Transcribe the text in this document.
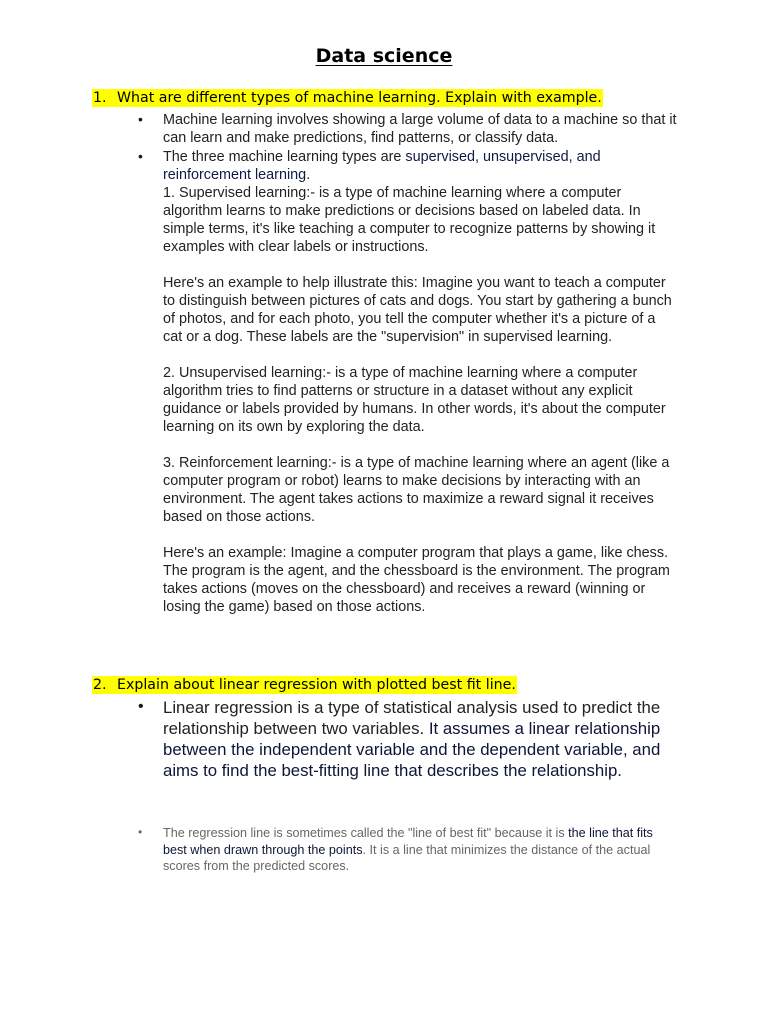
Data science
1. What are different types of machine learning. Explain with example.
•	Machine learning involves showing a large volume of data to a machine so that it can learn and make predictions, find patterns, or classify data.
•	The three machine learning types are supervised, unsupervised, and reinforcement learning.
1. Supervised learning:- is a type of machine learning where a computer algorithm learns to make predictions or decisions based on labeled data. In simple terms, it's like teaching a computer to recognize patterns by showing it examples with clear labels or instructions.
Here's an example to help illustrate this: Imagine you want to teach a computer to distinguish between pictures of cats and dogs. You start by gathering a bunch of photos, and for each photo, you tell the computer whether it's a picture of a cat or a dog. These labels are the "supervision" in supervised learning.
2. Unsupervised learning:- is a type of machine learning where a computer algorithm tries to find patterns or structure in a dataset without any explicit guidance or labels provided by humans. In other words, it's about the computer learning on its own by exploring the data.
3. Reinforcement learning:- is a type of machine learning where an agent (like a computer program or robot) learns to make decisions by interacting with an environment. The agent takes actions to maximize a reward signal it receives based on those actions.
Here's an example: Imagine a computer program that plays a game, like chess. The program is the agent, and the chessboard is the environment. The program takes actions (moves on the chessboard) and receives a reward (winning or losing the game) based on those actions.
2. Explain about linear regression with plotted best fit line.
•	Linear regression is a type of statistical analysis used to predict the relationship between two variables. It assumes a linear relationship between the independent variable and the dependent variable, and aims to find the best-fitting line that describes the relationship.
•	The regression line is sometimes called the "line of best fit" because it is the line that fits best when drawn through the points. It is a line that minimizes the distance of the actual scores from the predicted scores.
